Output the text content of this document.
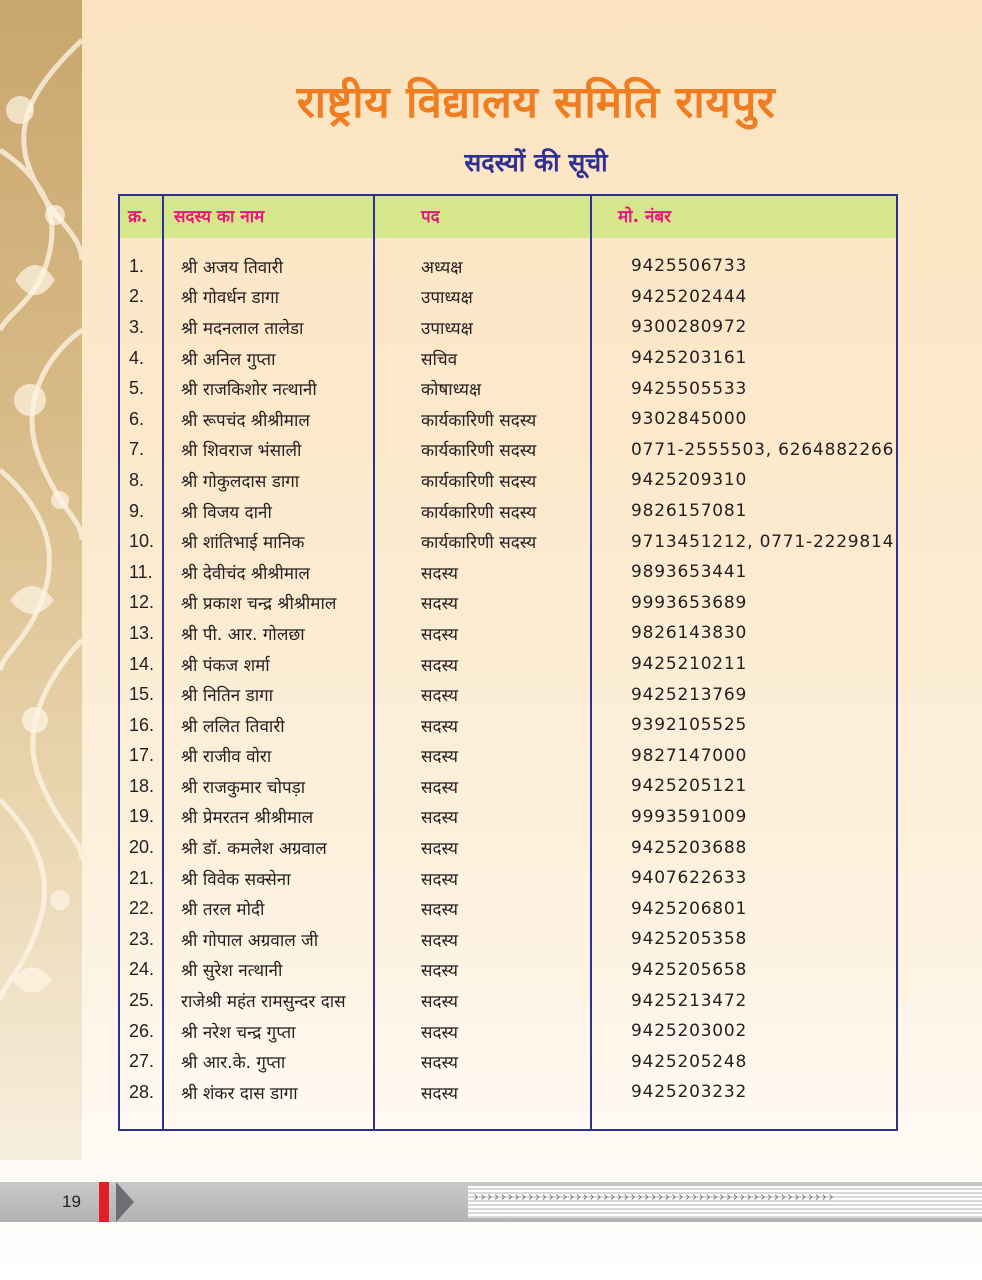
राष्ट्रीय विद्यालय समिति रायपुर
सदस्यों की सूची
क्र.	सदस्य का नाम	पद	मो. नंबर
1.	श्री अजय तिवारी	अध्यक्ष	9425506733
2.	श्री गोवर्धन डागा	उपाध्यक्ष	9425202444
3.	श्री मदनलाल तालेडा	उपाध्यक्ष	9300280972
4.	श्री अनिल गुप्ता	सचिव	9425203161
5.	श्री राजकिशोर नत्थानी	कोषाध्यक्ष	9425505533
6.	श्री रूपचंद श्रीश्रीमाल	कार्यकारिणी सदस्य	9302845000
7.	श्री शिवराज भंसाली	कार्यकारिणी सदस्य	0771-2555503, 6264882266
8.	श्री गोकुलदास डागा	कार्यकारिणी सदस्य	9425209310
9.	श्री विजय दानी	कार्यकारिणी सदस्य	9826157081
10.	श्री शांतिभाई मानिक	कार्यकारिणी सदस्य	9713451212, 0771-2229814
11.	श्री देवीचंद श्रीश्रीमाल	सदस्य	9893653441
12.	श्री प्रकाश चन्द्र श्रीश्रीमाल	सदस्य	9993653689
13.	श्री पी. आर. गोलछा	सदस्य	9826143830
14.	श्री पंकज शर्मा	सदस्य	9425210211
15.	श्री नितिन डागा	सदस्य	9425213769
16.	श्री ललित तिवारी	सदस्य	9392105525
17.	श्री राजीव वोरा	सदस्य	9827147000
18.	श्री राजकुमार चोपड़ा	सदस्य	9425205121
19.	श्री प्रेमरतन श्रीश्रीमाल	सदस्य	9993591009
20.	श्री डॉ. कमलेश अग्रवाल	सदस्य	9425203688
21.	श्री विवेक सक्सेना	सदस्य	9407622633
22.	श्री तरल मोदी	सदस्य	9425206801
23.	श्री गोपाल अग्रवाल जी	सदस्य	9425205358
24.	श्री सुरेश नत्थानी	सदस्य	9425205658
25.	राजेश्री महंत रामसुन्दर दास	सदस्य	9425213472
26.	श्री नरेश चन्द्र गुप्ता	सदस्य	9425203002
27.	श्री आर.के. गुप्ता	सदस्य	9425205248
28.	श्री शंकर दास डागा	सदस्य	9425203232
19	›››››››››››››››››››››››››››››››››››››››››››››››››››››
